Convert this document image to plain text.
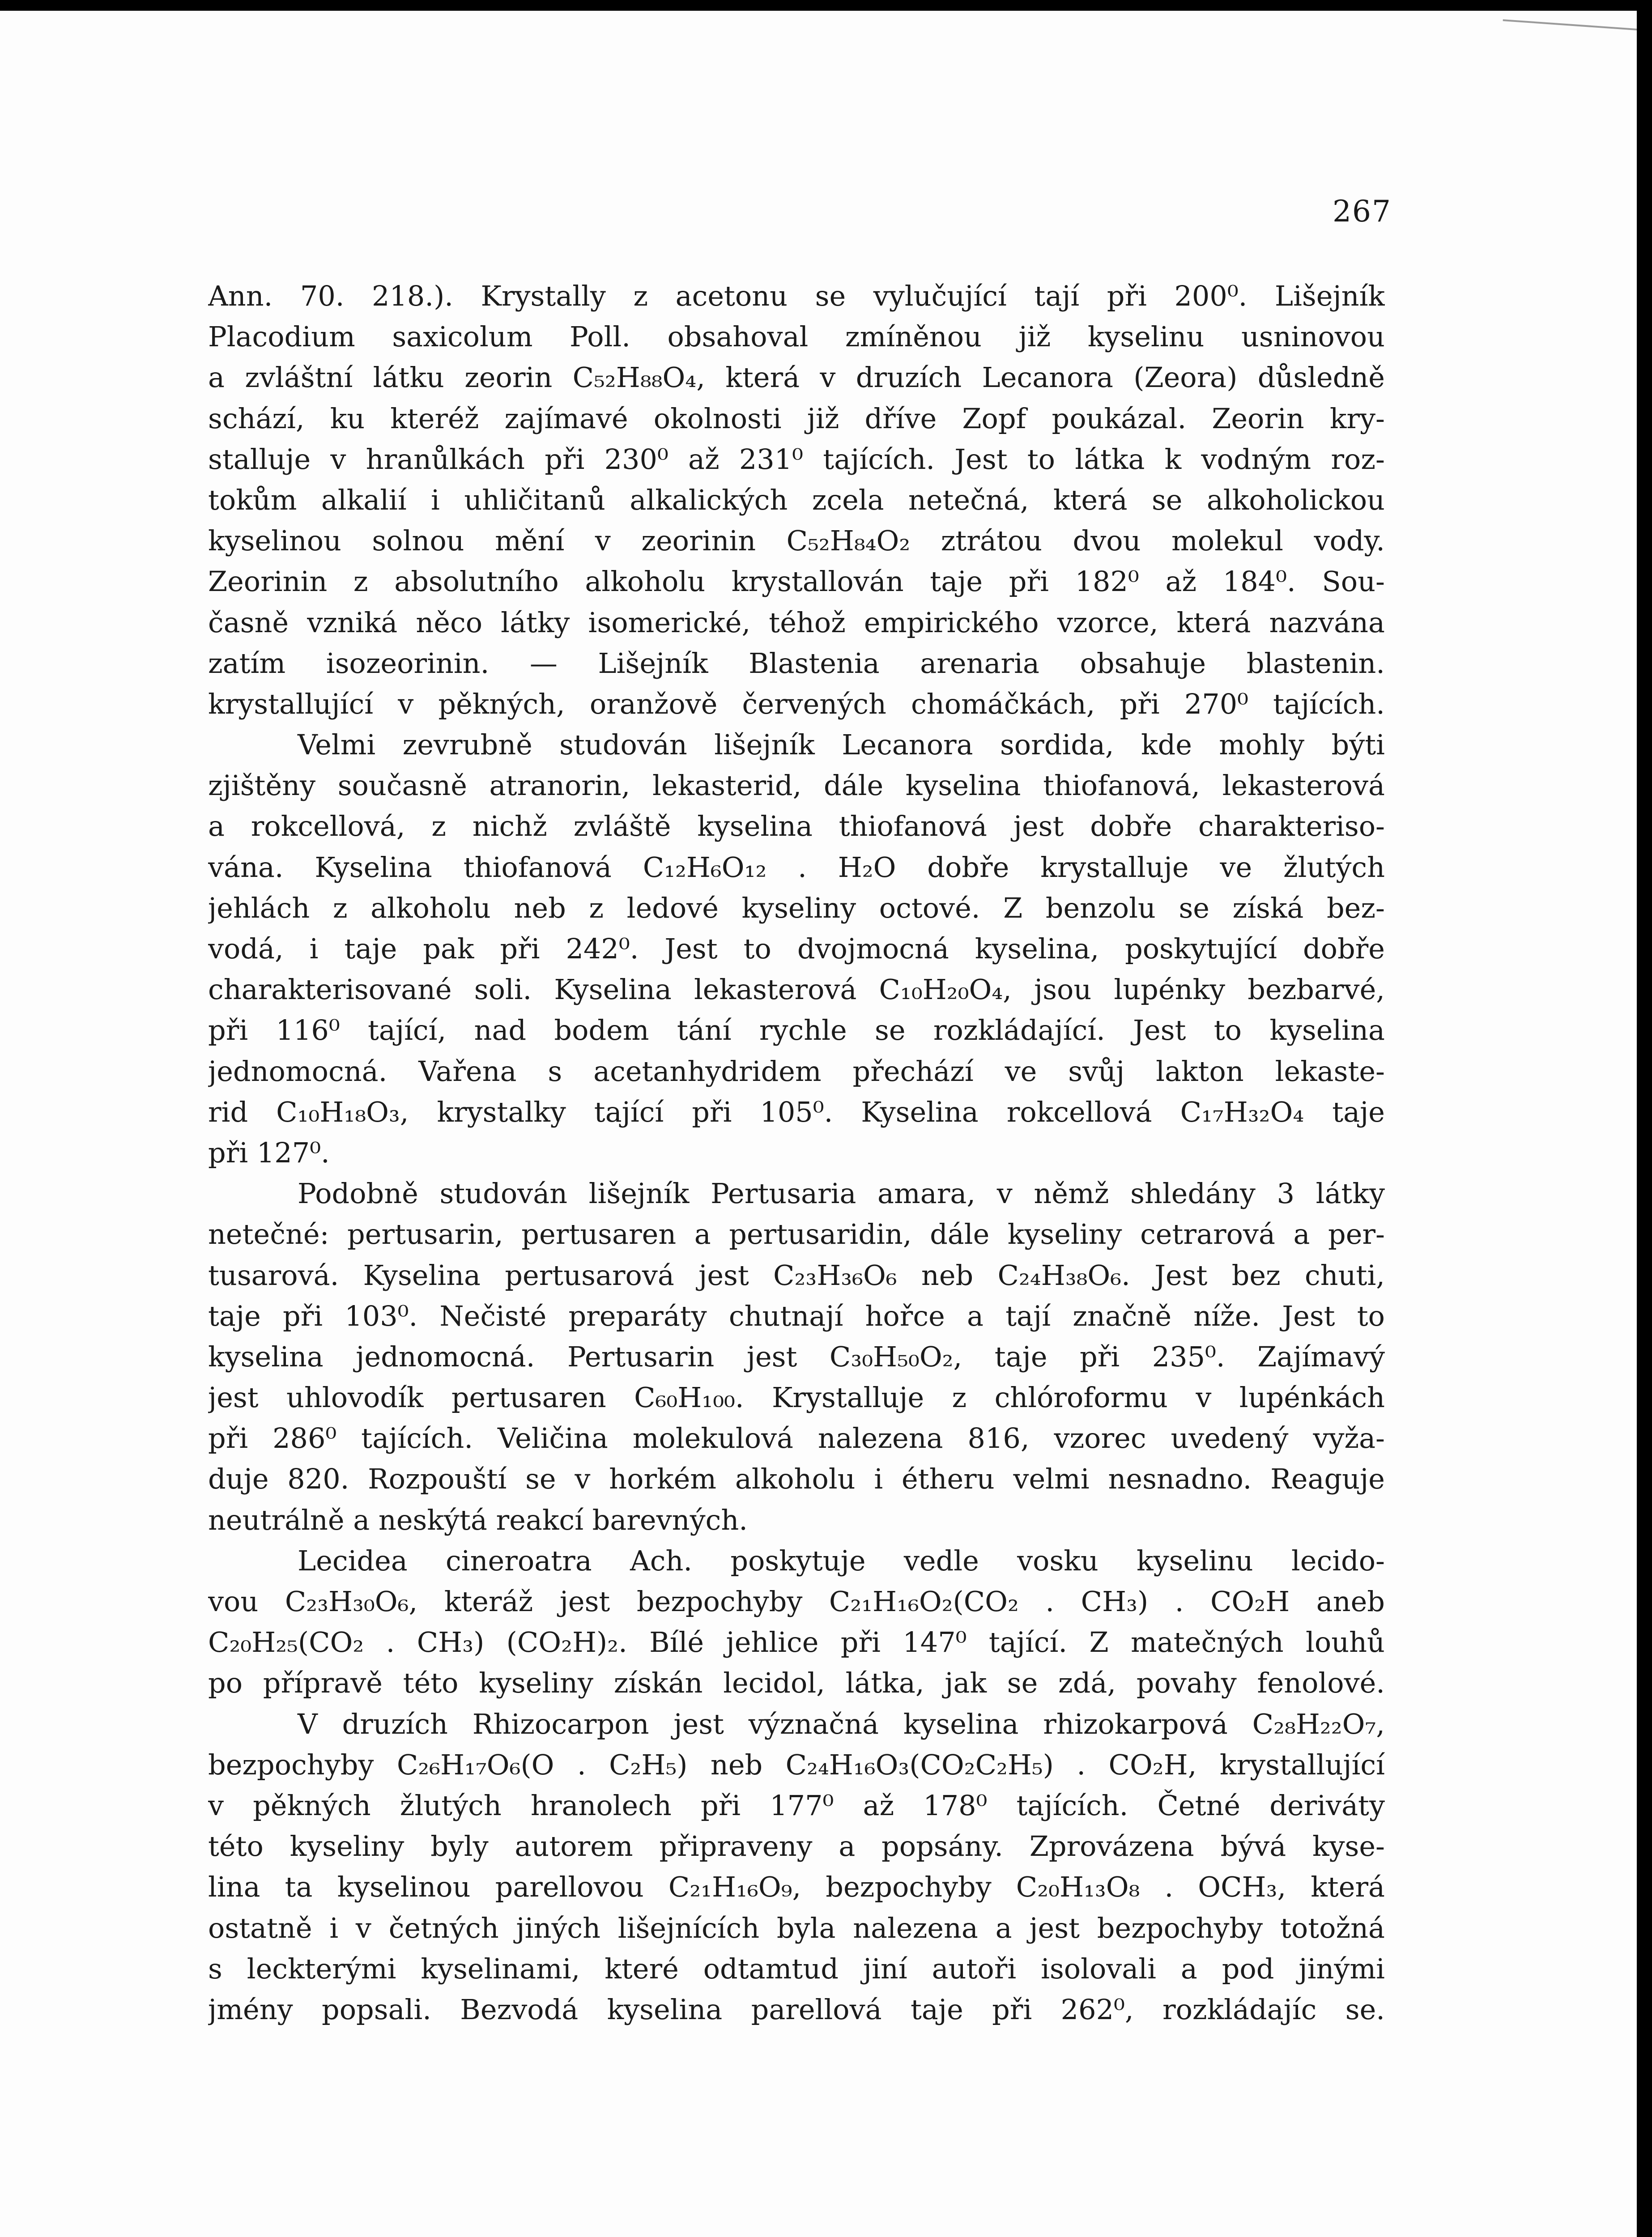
267
Ann. 70. 218.). Krystally z acetonu se vylučující tají při 200⁰. Lišejník
Placodium saxicolum Poll. obsahoval zmíněnou již kyselinu usninovou
a zvláštní látku zeorin C₅₂H₈₈O₄, která v druzích Lecanora (Zeora) důsledně
schází, ku kteréž zajímavé okolnosti již dříve Zopf poukázal. Zeorin kry-
stalluje v hranůlkách při 230⁰ až 231⁰ tajících. Jest to látka k vodným roz-
tokům alkalií i uhličitanů alkalických zcela netečná, která se alkoholickou
kyselinou solnou mění v zeorinin C₅₂H₈₄O₂ ztrátou dvou molekul vody.
Zeorinin z absolutního alkoholu krystallován taje při 182⁰ až 184⁰. Sou-
časně vzniká něco látky isomerické, téhož empirického vzorce, která nazvána
zatím isozeorinin. — Lišejník Blastenia arenaria obsahuje blastenin.
krystallující v pěkných, oranžově červených chomáčkách, při 270⁰ tajících.
Velmi zevrubně studován lišejník Lecanora sordida, kde mohly býti
zjištěny současně atranorin, lekasterid, dále kyselina thiofanová, lekasterová
a rokcellová, z nichž zvláště kyselina thiofanová jest dobře charakteriso-
vána. Kyselina thiofanová C₁₂H₆O₁₂ . H₂O dobře krystalluje ve žlutých
jehlách z alkoholu neb z ledové kyseliny octové. Z benzolu se získá bez-
vodá, i taje pak při 242⁰. Jest to dvojmocná kyselina, poskytující dobře
charakterisované soli. Kyselina lekasterová C₁₀H₂₀O₄, jsou lupénky bezbarvé,
při 116⁰ tající, nad bodem tání rychle se rozkládající. Jest to kyselina
jednomocná. Vařena s acetanhydridem přechází ve svůj lakton lekaste-
rid C₁₀H₁₈O₃, krystalky tající při 105⁰. Kyselina rokcellová C₁₇H₃₂O₄ taje
při 127⁰.
Podobně studován lišejník Pertusaria amara, v němž shledány 3 látky
netečné: pertusarin, pertusaren a pertusaridin, dále kyseliny cetrarová a per-
tusarová. Kyselina pertusarová jest C₂₃H₃₆O₆ neb C₂₄H₃₈O₆. Jest bez chuti,
taje při 103⁰. Nečisté preparáty chutnají hořce a tají značně níže. Jest to
kyselina jednomocná. Pertusarin jest C₃₀H₅₀O₂, taje při 235⁰. Zajímavý
jest uhlovodík pertusaren C₆₀H₁₀₀. Krystalluje z chlóroformu v lupénkách
při 286⁰ tajících. Veličina molekulová nalezena 816, vzorec uvedený vyža-
duje 820. Rozpouští se v horkém alkoholu i étheru velmi nesnadno. Reaguje
neutrálně a neskýtá reakcí barevných.
Lecidea cineroatra Ach. poskytuje vedle vosku kyselinu lecido-
vou C₂₃H₃₀O₆, kteráž jest bezpochyby C₂₁H₁₆O₂(CO₂ . CH₃) . CO₂H aneb
C₂₀H₂₅(CO₂ . CH₃) (CO₂H)₂. Bílé jehlice při 147⁰ tající. Z matečných louhů
po přípravě této kyseliny získán lecidol, látka, jak se zdá, povahy fenolové.
V druzích Rhizocarpon jest význačná kyselina rhizokarpová C₂₈H₂₂O₇,
bezpochyby C₂₆H₁₇O₆(O . C₂H₅) neb C₂₄H₁₆O₃(CO₂C₂H₅) . CO₂H, krystallující
v pěkných žlutých hranolech při 177⁰ až 178⁰ tajících. Četné deriváty
této kyseliny byly autorem připraveny a popsány. Zprovázena bývá kyse-
lina ta kyselinou parellovou C₂₁H₁₆O₉, bezpochyby C₂₀H₁₃O₈ . OCH₃, která
ostatně i v četných jiných lišejnících byla nalezena a jest bezpochyby totožná
s leckterými kyselinami, které odtamtud jiní autoři isolovali a pod jinými
jmény popsali. Bezvodá kyselina parellová taje při 262⁰, rozkládajíc se.
